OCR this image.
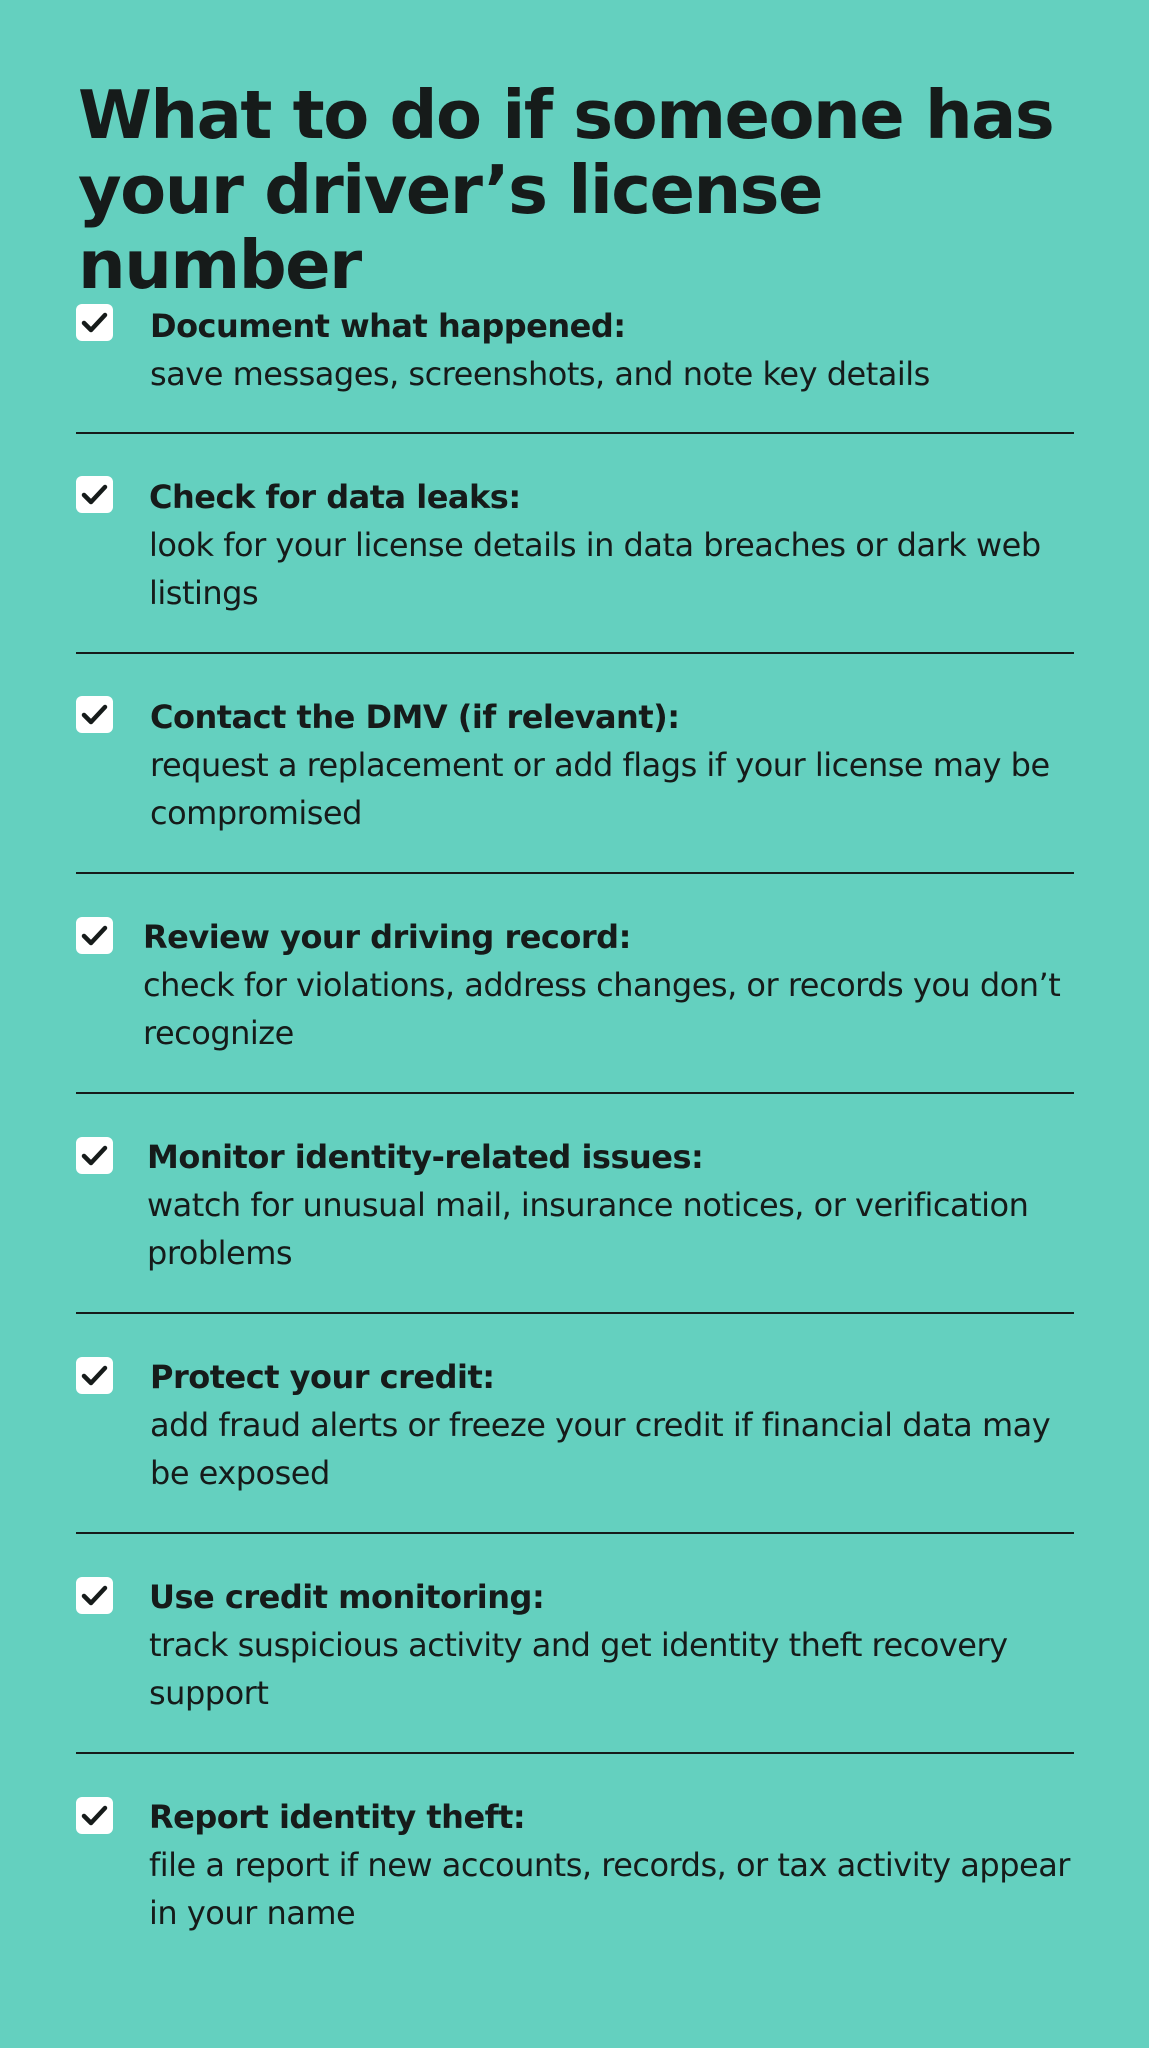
What to do if someone has your driver’s license number
Document what happened:
save messages, screenshots, and note key details
Check for data leaks:
look for your license details in data breaches or dark web listings
Contact the DMV (if relevant):
request a replacement or add flags if your license may be compromised
Review your driving record:
check for violations, address changes, or records you don’t recognize
Monitor identity-related issues:
watch for unusual mail, insurance notices, or verification problems
Protect your credit:
add fraud alerts or freeze your credit if financial data may be exposed
Use credit monitoring:
track suspicious activity and get identity theft recovery support
Report identity theft:
file a report if new accounts, records, or tax activity appear in your name
